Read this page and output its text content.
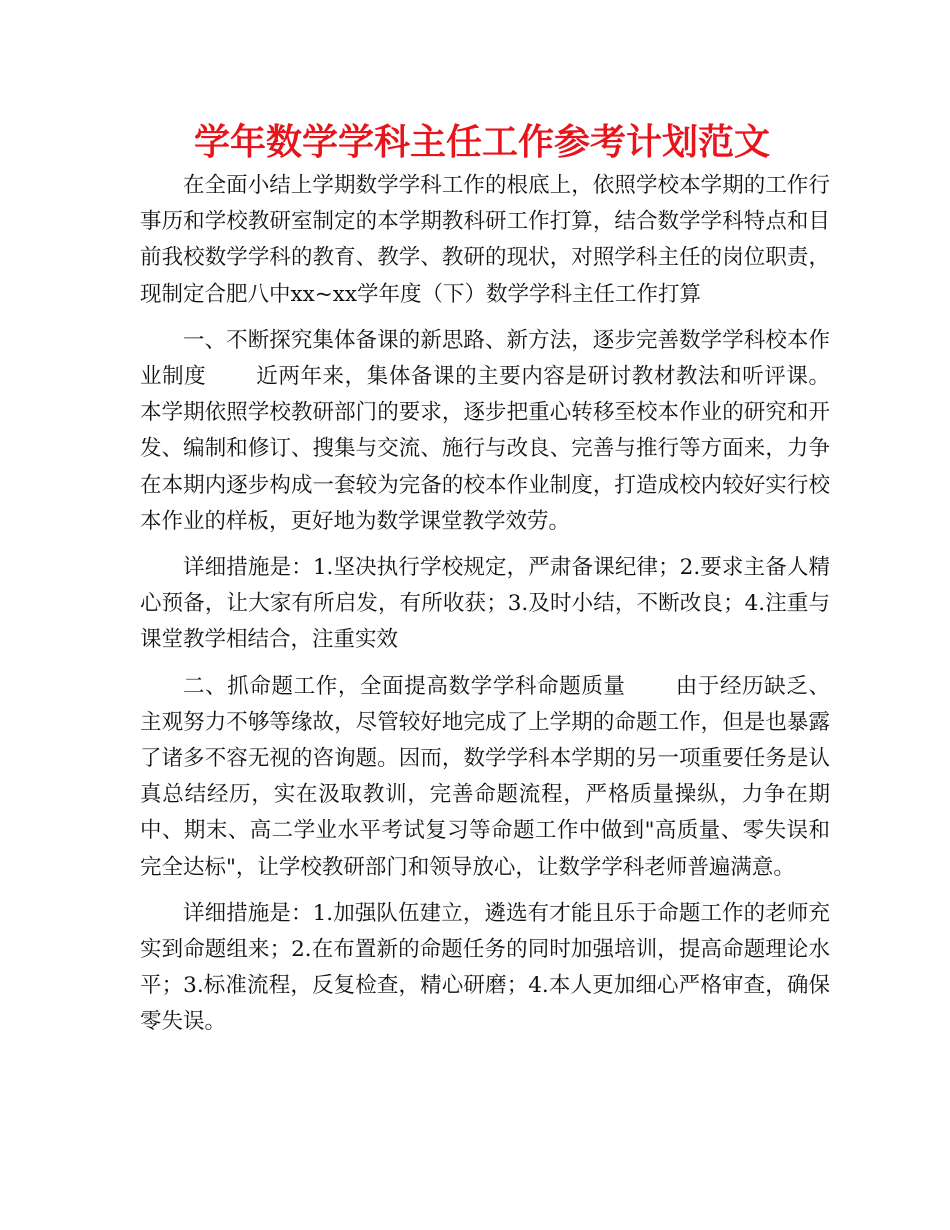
学年数学学科主任工作参考计划范文

在全面小结上学期数学学科工作的根底上，依照学校本学期的工作行事历和学校教研室制定的本学期教科研工作打算，结合数学学科特点和目前我校数学学科的教育、教学、教研的现状，对照学科主任的岗位职责，现制定合肥八中xx~xx学年度（下）数学学科主任工作打算

一、不断探究集体备课的新思路、新方法，逐步完善数学学科校本作业制度 近两年来，集体备课的主要内容是研讨教材教法和听评课。本学期依照学校教研部门的要求，逐步把重心转移至校本作业的研究和开发、编制和修订、搜集与交流、施行与改良、完善与推行等方面来，力争在本期内逐步构成一套较为完备的校本作业制度，打造成校内较好实行校本作业的样板，更好地为数学课堂教学效劳。

详细措施是：1.坚决执行学校规定，严肃备课纪律；2.要求主备人精心预备，让大家有所启发，有所收获；3.及时小结，不断改良；4.注重与课堂教学相结合，注重实效

二、抓命题工作，全面提高数学学科命题质量 由于经历缺乏、主观努力不够等缘故，尽管较好地完成了上学期的命题工作，但是也暴露了诸多不容无视的咨询题。因而，数学学科本学期的另一项重要任务是认真总结经历，实在汲取教训，完善命题流程，严格质量操纵，力争在期中、期末、高二学业水平考试复习等命题工作中做到"高质量、零失误和完全达标"，让学校教研部门和领导放心，让数学学科老师普遍满意。

详细措施是：1.加强队伍建立，遴选有才能且乐于命题工作的老师充实到命题组来；2.在布置新的命题任务的同时加强培训，提高命题理论水平；3.标准流程，反复检查，精心研磨；4.本人更加细心严格审查，确保零失误。
